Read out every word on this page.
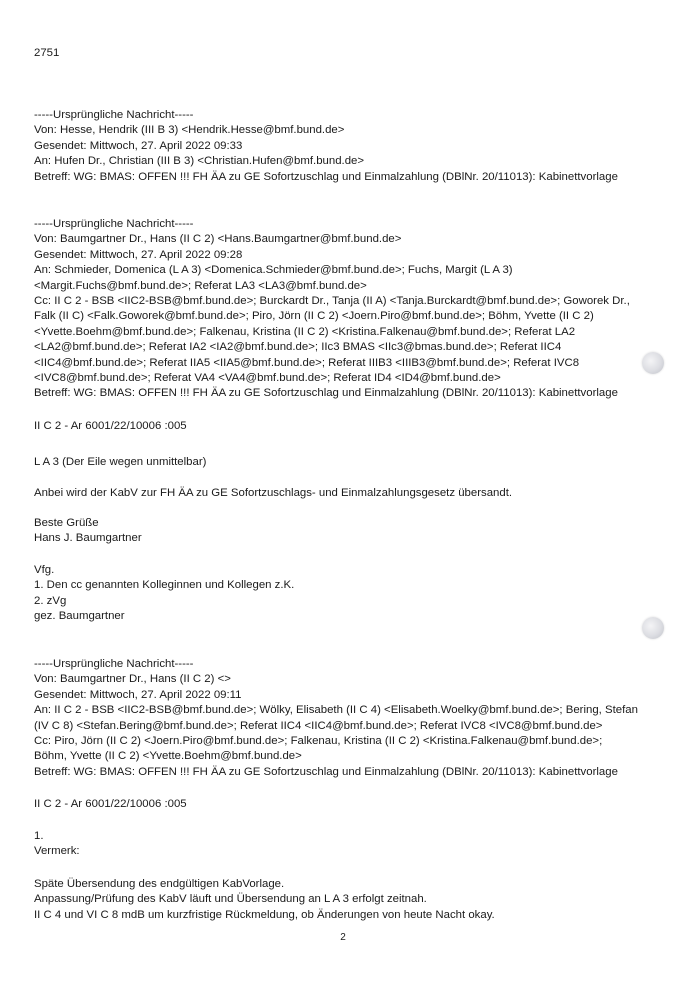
2751
-----Ursprüngliche Nachricht-----
Von: Hesse, Hendrik (III B 3) <Hendrik.Hesse@bmf.bund.de>
Gesendet: Mittwoch, 27. April 2022 09:33
An: Hufen Dr., Christian (III B 3) <Christian.Hufen@bmf.bund.de>
Betreff: WG: BMAS: OFFEN !!! FH ÄA zu GE Sofortzuschlag und Einmalzahlung (DBlNr. 20/11013): Kabinettvorlage
-----Ursprüngliche Nachricht-----
Von: Baumgartner Dr., Hans (II C 2) <Hans.Baumgartner@bmf.bund.de>
Gesendet: Mittwoch, 27. April 2022 09:28
An: Schmieder, Domenica (L A 3) <Domenica.Schmieder@bmf.bund.de>; Fuchs, Margit (L A 3)
<Margit.Fuchs@bmf.bund.de>; Referat LA3 <LA3@bmf.bund.de>
Cc: II C 2 - BSB <IIC2-BSB@bmf.bund.de>; Burckardt Dr., Tanja (II A) <Tanja.Burckardt@bmf.bund.de>; Goworek Dr.,
Falk (II C) <Falk.Goworek@bmf.bund.de>; Piro, Jörn (II C 2) <Joern.Piro@bmf.bund.de>; Böhm, Yvette (II C 2)
<Yvette.Boehm@bmf.bund.de>; Falkenau, Kristina (II C 2) <Kristina.Falkenau@bmf.bund.de>; Referat LA2
<LA2@bmf.bund.de>; Referat IA2 <IA2@bmf.bund.de>; IIc3 BMAS <IIc3@bmas.bund.de>; Referat IIC4
<IIC4@bmf.bund.de>; Referat IIA5 <IIA5@bmf.bund.de>; Referat IIIB3 <IIIB3@bmf.bund.de>; Referat IVC8
<IVC8@bmf.bund.de>; Referat VA4 <VA4@bmf.bund.de>; Referat ID4 <ID4@bmf.bund.de>
Betreff: WG: BMAS: OFFEN !!! FH ÄA zu GE Sofortzuschlag und Einmalzahlung (DBlNr. 20/11013): Kabinettvorlage
II C 2 - Ar 6001/22/10006 :005
L A 3 (Der Eile wegen unmittelbar)
Anbei wird der KabV zur FH ÄA zu GE Sofortzuschlags- und Einmalzahlungsgesetz übersandt.
Beste Grüße
Hans J. Baumgartner
Vfg.
1. Den cc genannten Kolleginnen und Kollegen z.K.
2. zVg
gez. Baumgartner
-----Ursprüngliche Nachricht-----
Von: Baumgartner Dr., Hans (II C 2) <>
Gesendet: Mittwoch, 27. April 2022 09:11
An: II C 2 - BSB <IIC2-BSB@bmf.bund.de>; Wölky, Elisabeth (II C 4) <Elisabeth.Woelky@bmf.bund.de>; Bering, Stefan
(IV C 8) <Stefan.Bering@bmf.bund.de>; Referat IIC4 <IIC4@bmf.bund.de>; Referat IVC8 <IVC8@bmf.bund.de>
Cc: Piro, Jörn (II C 2) <Joern.Piro@bmf.bund.de>; Falkenau, Kristina (II C 2) <Kristina.Falkenau@bmf.bund.de>;
Böhm, Yvette (II C 2) <Yvette.Boehm@bmf.bund.de>
Betreff: WG: BMAS: OFFEN !!! FH ÄA zu GE Sofortzuschlag und Einmalzahlung (DBlNr. 20/11013): Kabinettvorlage
II C 2 - Ar 6001/22/10006 :005
1.
Vermerk:
Späte Übersendung des endgültigen KabVorlage.
Anpassung/Prüfung des KabV läuft und Übersendung an L A 3 erfolgt zeitnah.
II C 4 und VI C 8 mdB um kurzfristige Rückmeldung, ob Änderungen von heute Nacht okay.
2
